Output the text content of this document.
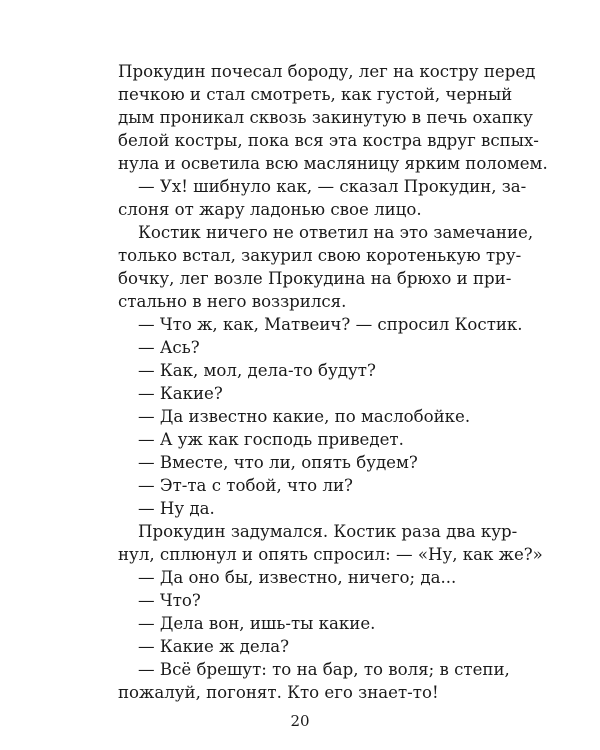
Прокудин почесал бороду, лег на костру перед
печкою и стал смотреть, как густой, черный
дым проникал сквозь закинутую в печь охапку
белой костры, пока вся эта костра вдруг вспых-
нула и осветила всю масляницу ярким поломем.
— Ух! шибнуло как, — сказал Прокудин, за-
слоня от жару ладонью свое лицо.
Костик ничего не ответил на это замечание,
только встал, закурил свою коротенькую тру-
бочку, лег возле Прокудина на брюхо и при-
стально в него воззрился.
— Что ж, как, Матвеич? — спросил Костик.
— Ась?
— Как, мол, дела-то будут?
— Какие?
— Да известно какие, по маслобойке.
— А уж как господь приведет.
— Вместе, что ли, опять будем?
— Эт-та с тобой, что ли?
— Ну да.
Прокудин задумался. Костик раза два кур-
нул, сплюнул и опять спросил: — «Ну, как же?»
— Да оно бы, известно, ничего; да...
— Что?
— Дела вон, ишь-ты какие.
— Какие ж дела?
— Всё брешут: то на бар, то воля; в степи,
пожалуй, погонят. Кто его знает-то!
20
